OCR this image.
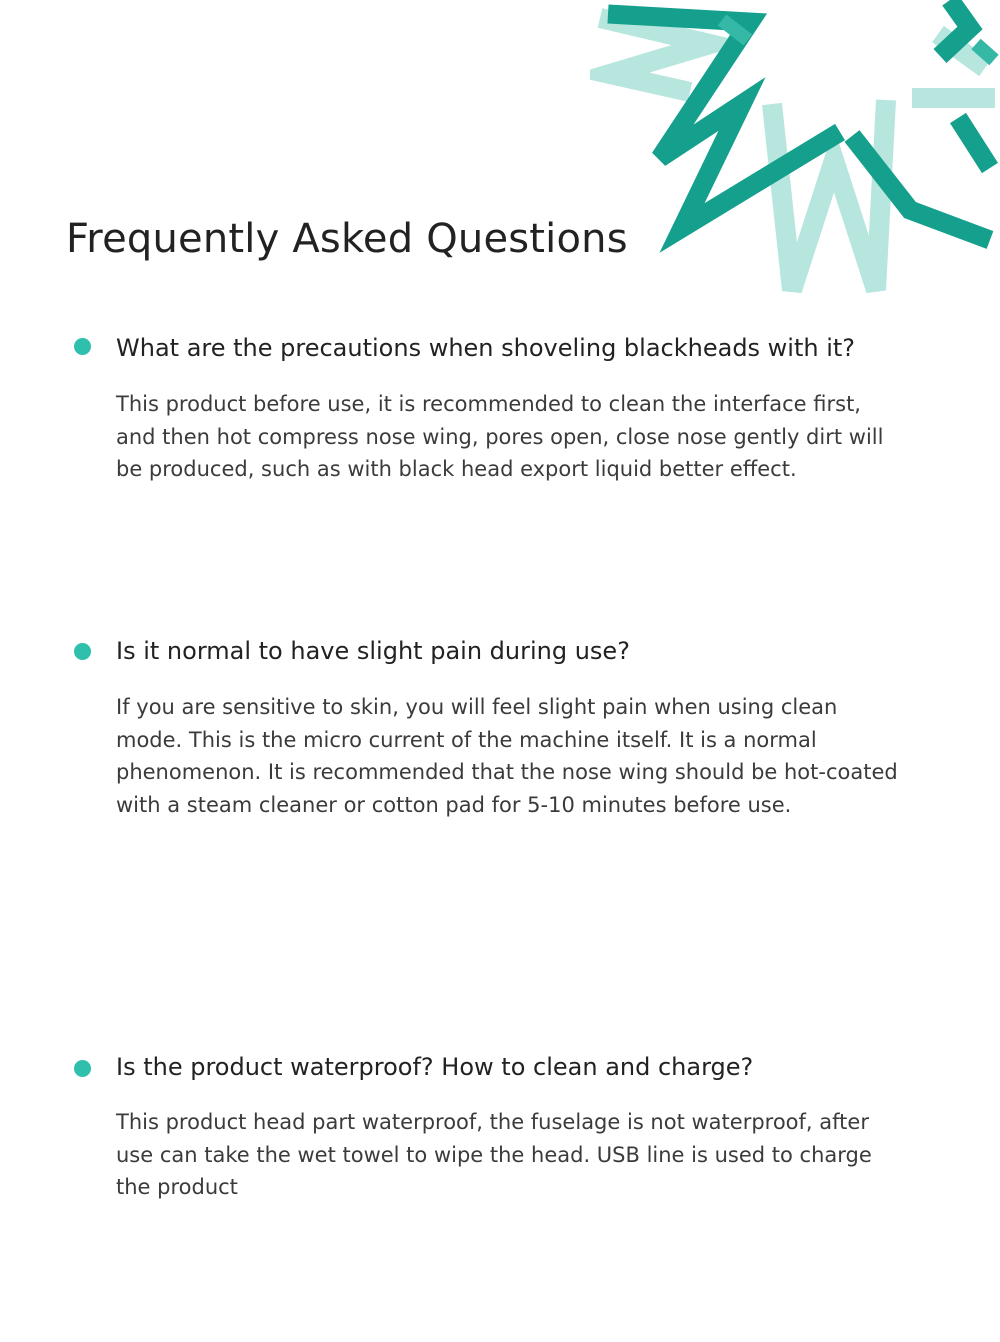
Frequently Asked Questions
What are the precautions when shoveling blackheads with it?

This product before use, it is recommended to clean the interface first, and then hot compress nose wing, pores open, close nose gently dirt will be produced, such as with black head export liquid better effect.

Is it normal to have slight pain during use?

If you are sensitive to skin, you will feel slight pain when using clean mode. This is the micro current of the machine itself. It is a normal phenomenon. It is recommended that the nose wing should be hot-coated with a steam cleaner or cotton pad for 5-10 minutes before use.

Is the product waterproof? How to clean and charge?

This product head part waterproof, the fuselage is not waterproof, after use can take the wet towel to wipe the head. USB line is used to charge the product
